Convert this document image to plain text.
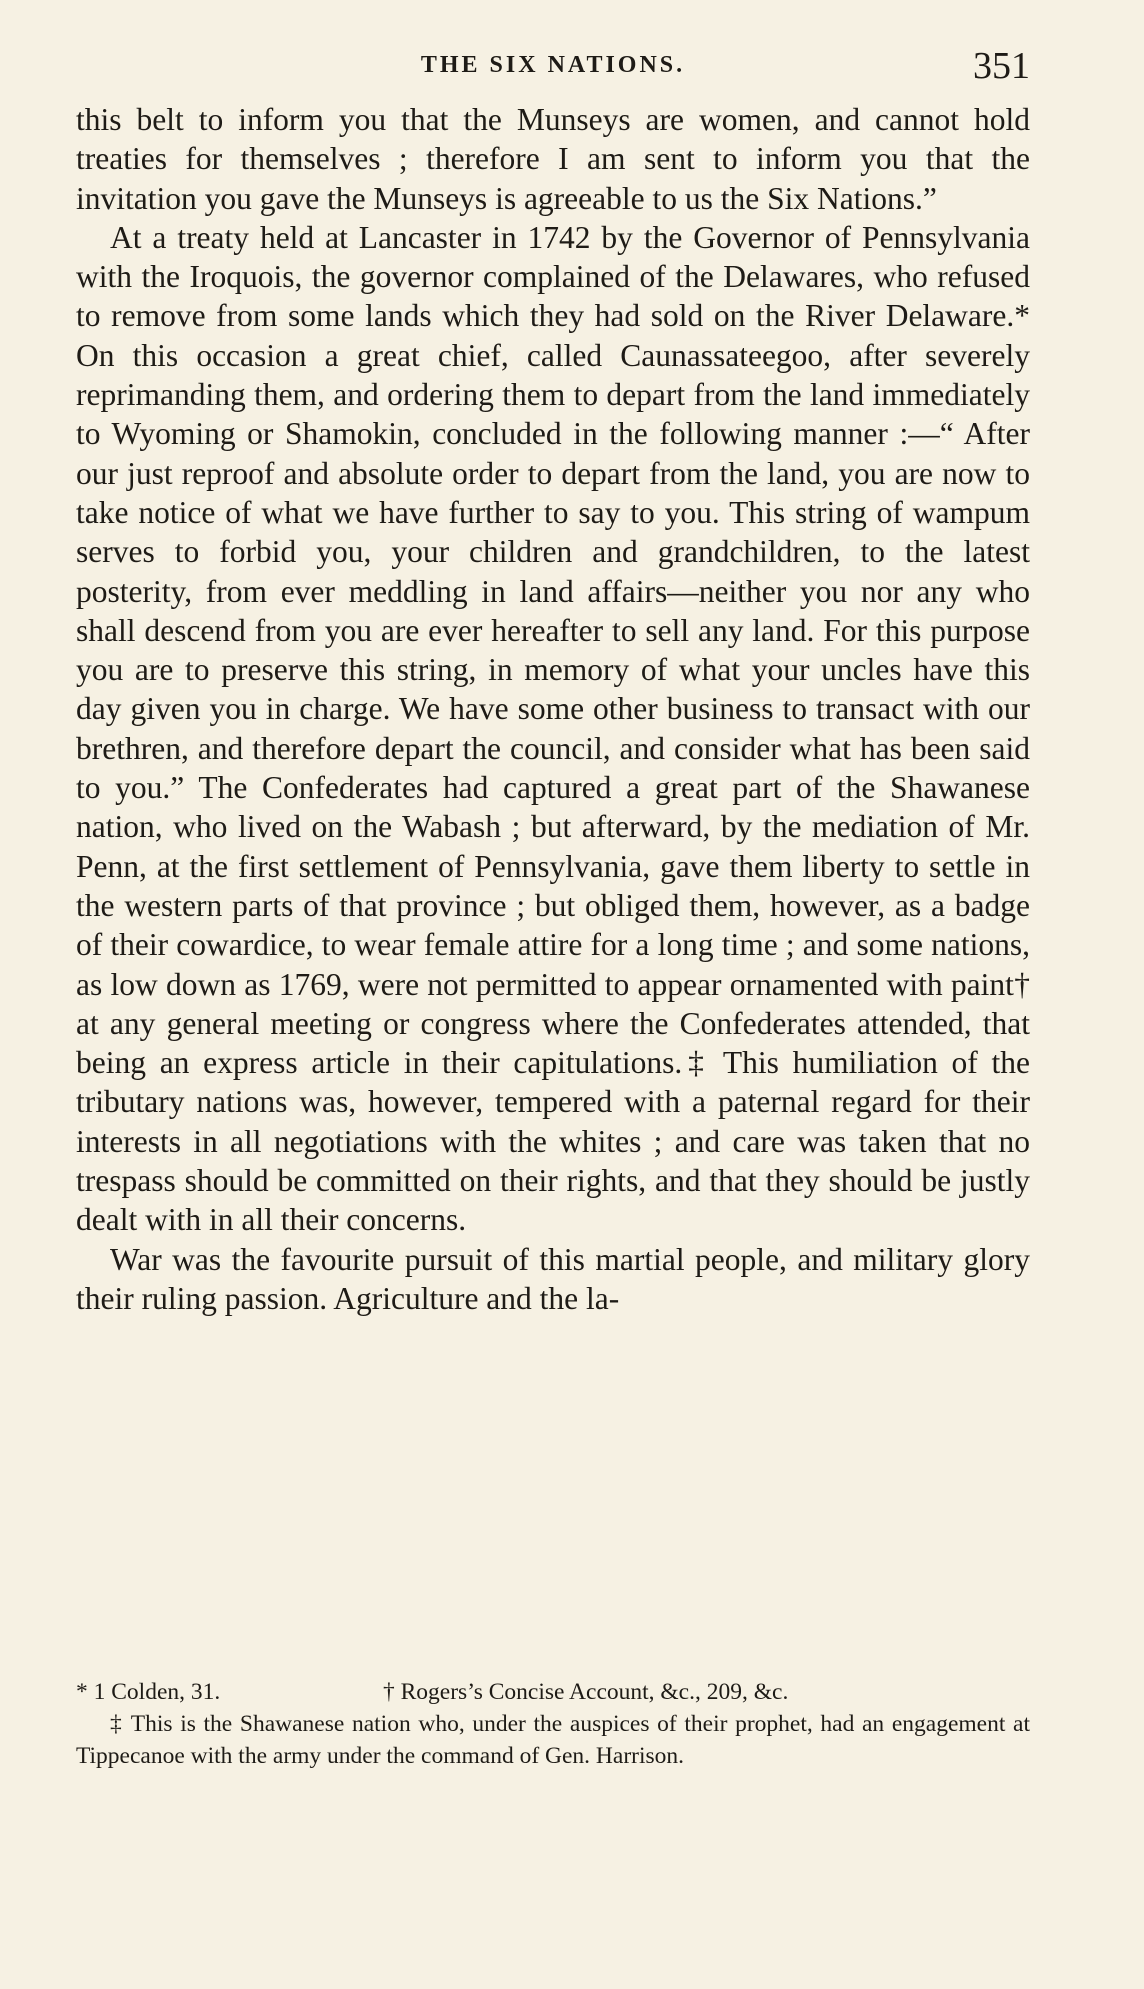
THE SIX NATIONS.	351

this belt to inform you that the Munseys are women, and cannot hold treaties for themselves ; therefore I am sent to inform you that the invitation you gave the Munseys is agreeable to us the Six Nations.”

At a treaty held at Lancaster in 1742 by the Governor of Pennsylvania with the Iroquois, the governor complained of the Delawares, who refused to remove from some lands which they had sold on the River Delaware.* On this occasion a great chief, called Caunassateegoo, after severely reprimanding them, and ordering them to depart from the land immediately to Wyoming or Shamokin, concluded in the following manner :—“ After our just reproof and absolute order to depart from the land, you are now to take notice of what we have further to say to you. This string of wampum serves to forbid you, your children and grandchildren, to the latest posterity, from ever meddling in land affairs—neither you nor any who shall descend from you are ever hereafter to sell any land. For this purpose you are to preserve this string, in memory of what your uncles have this day given you in charge. We have some other business to transact with our brethren, and therefore depart the council, and consider what has been said to you.” The Confederates had captured a great part of the Shawanese nation, who lived on the Wabash ; but afterward, by the mediation of Mr. Penn, at the first settlement of Pennsylvania, gave them liberty to settle in the western parts of that province ; but obliged them, however, as a badge of their cowardice, to wear female attire for a long time ; and some nations, as low down as 1769, were not permitted to appear ornamented with paint† at any general meeting or congress where the Confederates attended, that being an express article in their capitulations.‡ This humiliation of the tributary nations was, however, tempered with a paternal regard for their interests in all negotiations with the whites ; and care was taken that no trespass should be committed on their rights, and that they should be justly dealt with in all their concerns.

War was the favourite pursuit of this martial people, and military glory their ruling passion. Agriculture and the la-

* 1 Colden, 31.	† Rogers’s Concise Account, &c., 209, &c.

‡ This is the Shawanese nation who, under the auspices of their prophet, had an engagement at Tippecanoe with the army under the command of Gen. Harrison.
